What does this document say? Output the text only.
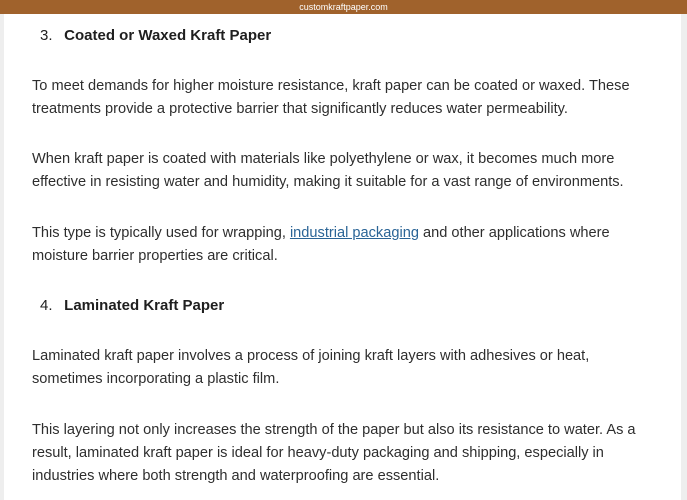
customkraftpaper.com
3. Coated or Waxed Kraft Paper
To meet demands for higher moisture resistance, kraft paper can be coated or waxed. These treatments provide a protective barrier that significantly reduces water permeability.
When kraft paper is coated with materials like polyethylene or wax, it becomes much more effective in resisting water and humidity, making it suitable for a vast range of environments.
This type is typically used for wrapping, industrial packaging and other applications where moisture barrier properties are critical.
4. Laminated Kraft Paper
Laminated kraft paper involves a process of joining kraft layers with adhesives or heat, sometimes incorporating a plastic film.
This layering not only increases the strength of the paper but also its resistance to water. As a result, laminated kraft paper is ideal for heavy-duty packaging and shipping, especially in industries where both strength and waterproofing are essential.
